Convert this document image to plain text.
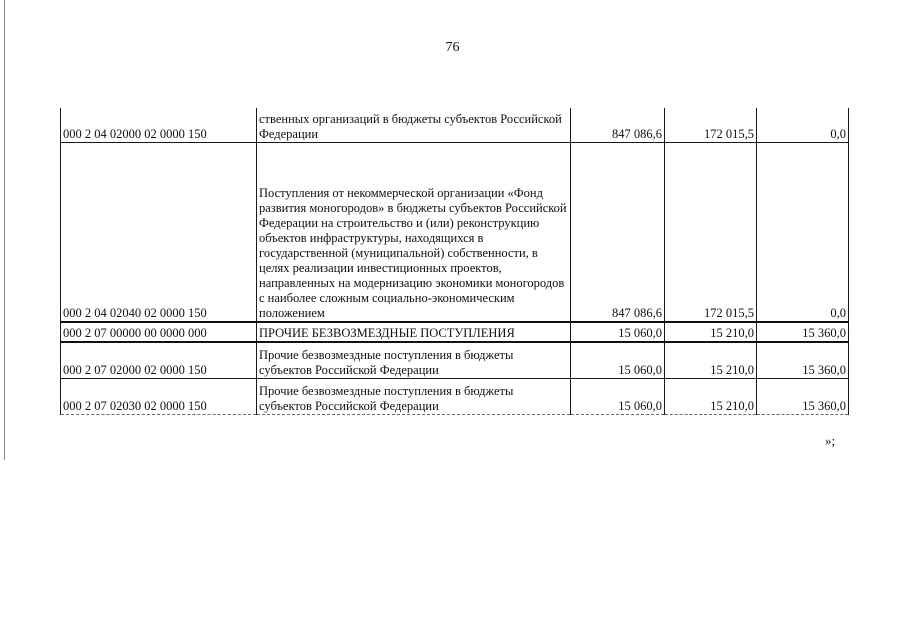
76
000 2 04 02000 02 0000 150	ственных организаций в бюджеты субъектов Российской Федерации	847 086,6	172 015,5	0,0
000 2 04 02040 02 0000 150	Поступления от некоммерческой организации «Фонд развития моногородов» в бюджеты субъектов Российской Федерации на строительство и (или) реконструкцию объектов инфраструктуры, находящихся в государственной (муниципальной) собственности, в целях реализации инвестиционных проектов, направленных на модернизацию экономики моногородов с наиболее сложным социально-экономическим положением	847 086,6	172 015,5	0,0
000 2 07 00000 00 0000 000	ПРОЧИЕ БЕЗВОЗМЕЗДНЫЕ ПОСТУПЛЕНИЯ	15 060,0	15 210,0	15 360,0
000 2 07 02000 02 0000 150	Прочие безвозмездные поступления в бюджеты субъектов Российской Федерации	15 060,0	15 210,0	15 360,0
000 2 07 02030 02 0000 150	Прочие безвозмездные поступления в бюджеты субъектов Российской Федерации	15 060,0	15 210,0	15 360,0
»;
